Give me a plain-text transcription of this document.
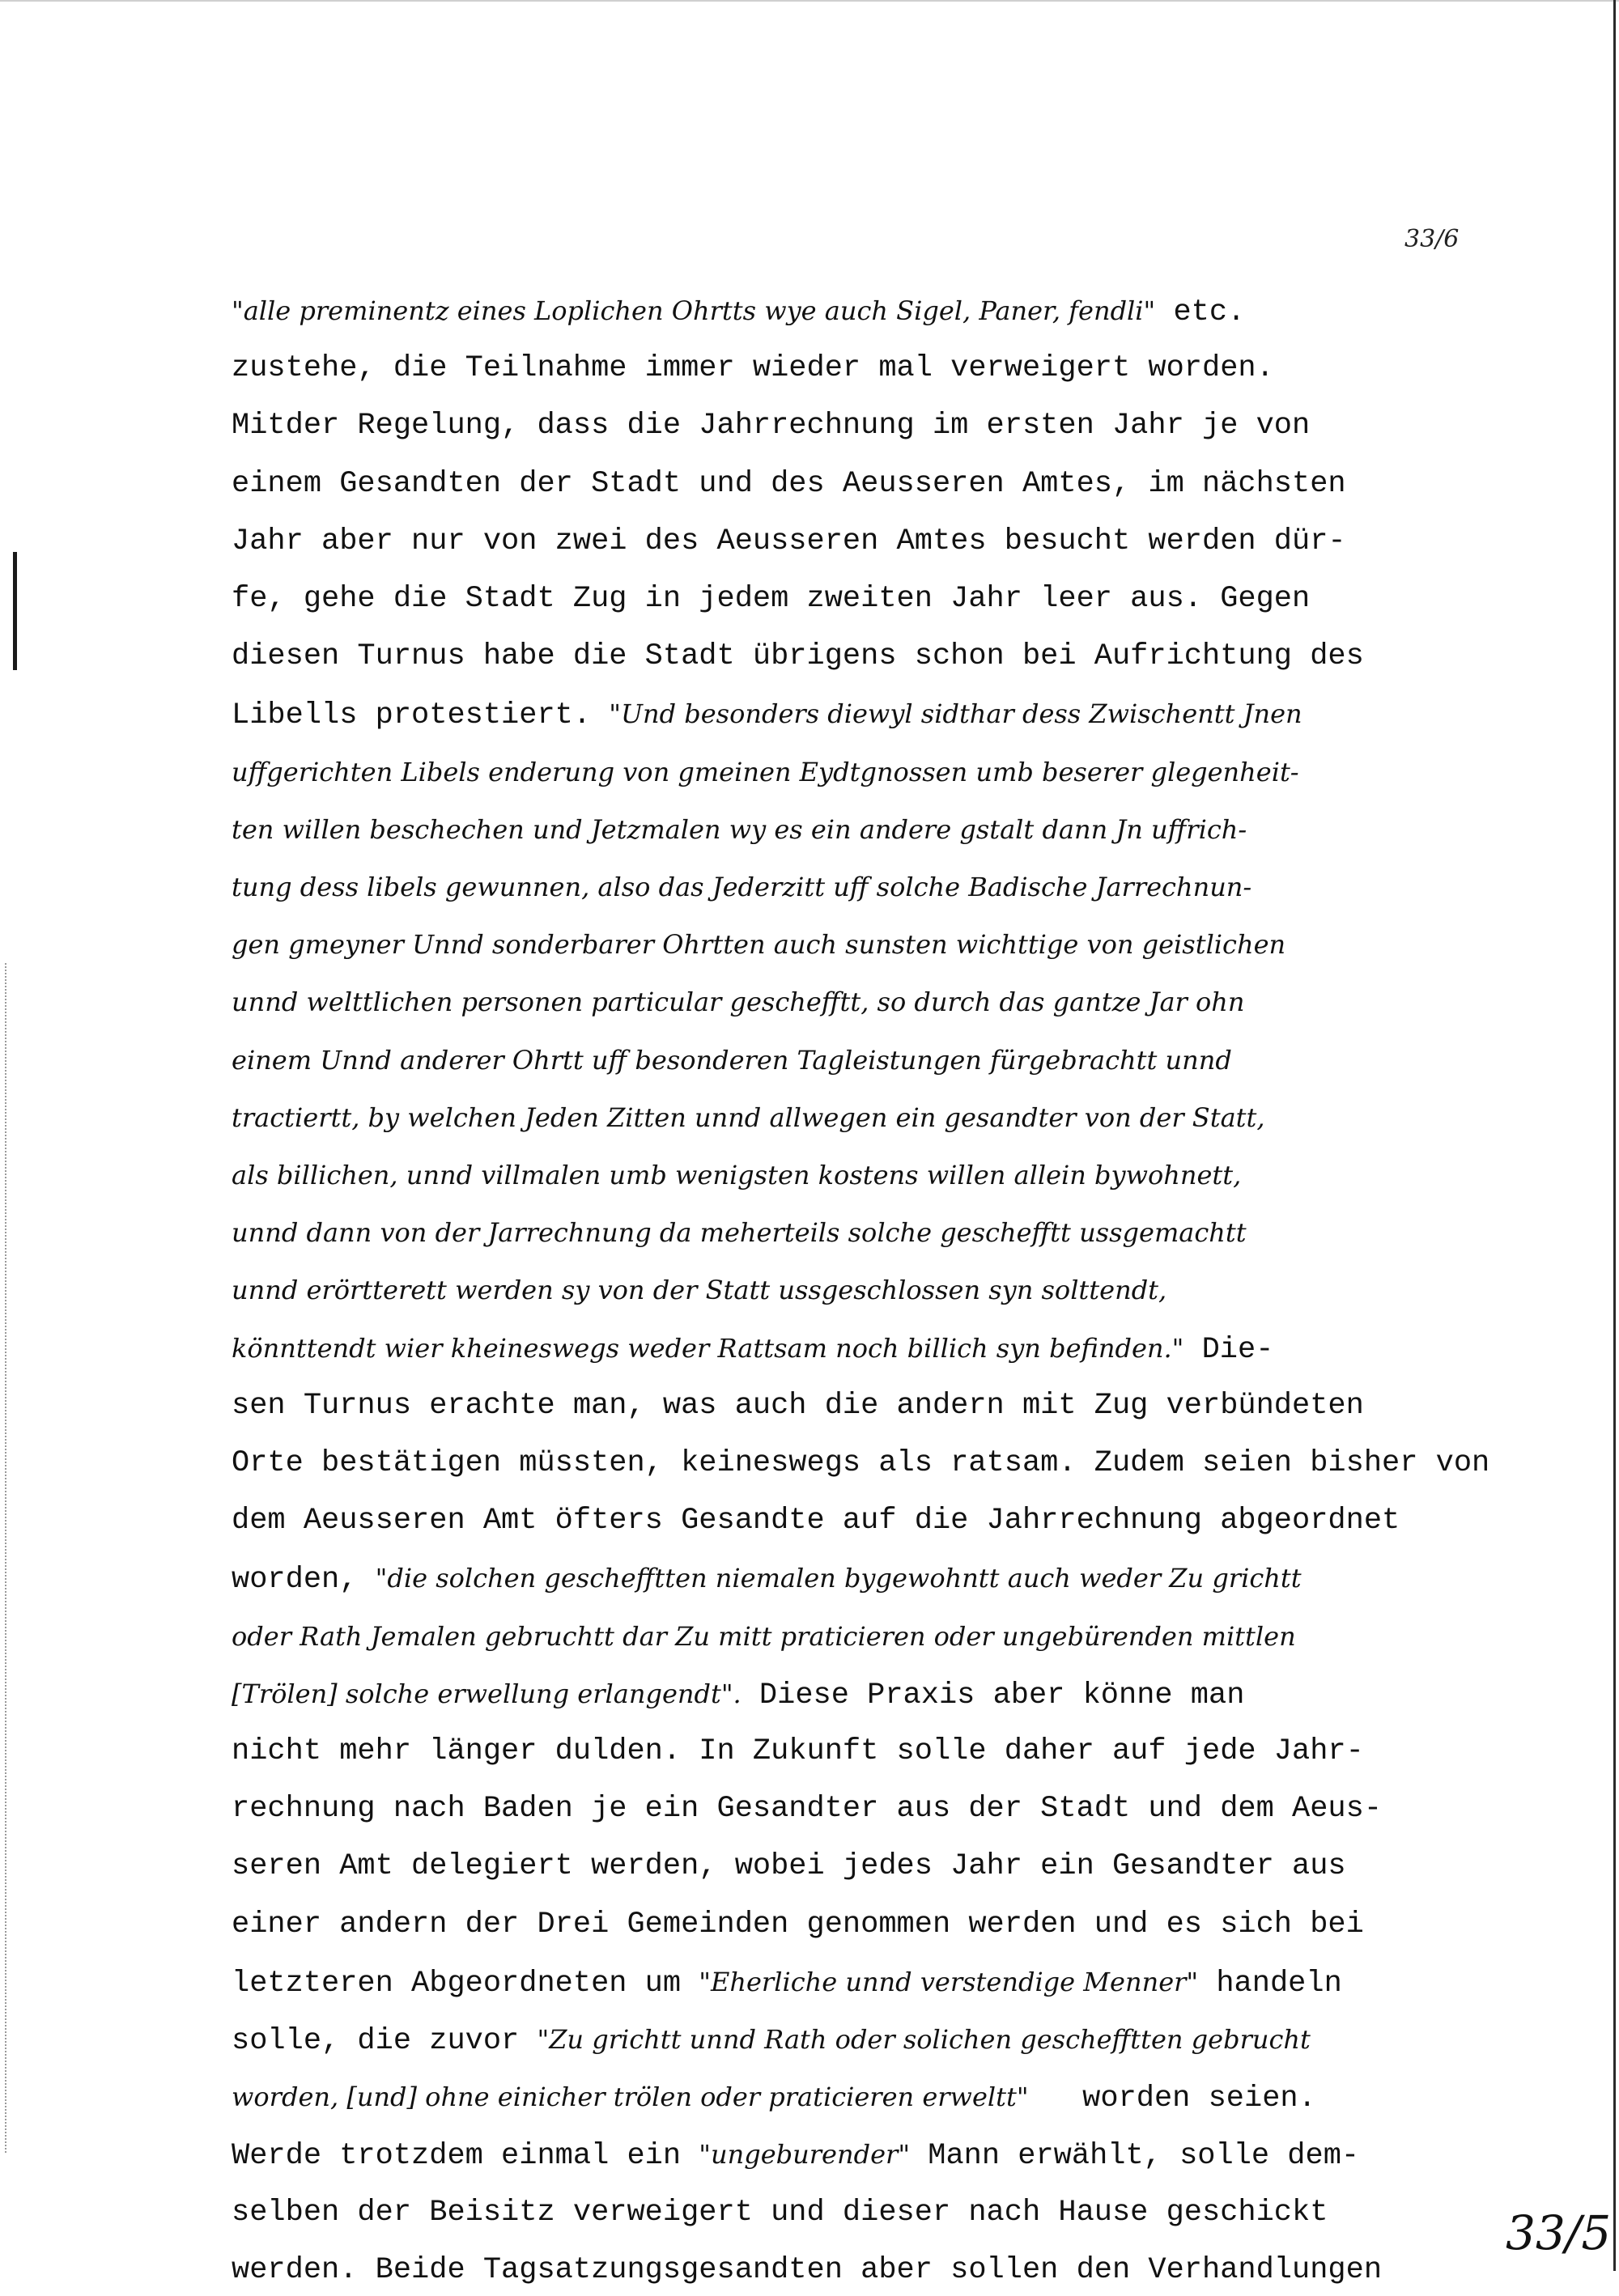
33/6
"alle preminentz eines Loplichen Ohrtts wye auch Sigel, Paner, fendli" etc.
zustehe, die Teilnahme immer wieder mal verweigert worden.
Mitder Regelung, dass die Jahrrechnung im ersten Jahr je von
einem Gesandten der Stadt und des Aeusseren Amtes, im nächsten
Jahr aber nur von zwei des Aeusseren Amtes besucht werden dür-
fe, gehe die Stadt Zug in jedem zweiten Jahr leer aus. Gegen
diesen Turnus habe die Stadt übrigens schon bei Aufrichtung des
Libells protestiert. "Und besonders diewyl sidthar dess Zwischentt Jnen
uffgerichten Libels enderung von gmeinen Eydtgnossen umb beserer glegenheit-
ten willen beschechen und Jetzmalen wy es ein andere gstalt dann Jn uffrich-
tung dess libels gewunnen, also das Jederzitt uff solche Badische Jarrechnun-
gen gmeyner Unnd sonderbarer Ohrtten auch sunsten wichttige von geistlichen
unnd welttlichen personen particular geschefftt, so durch das gantze Jar ohn
einem Unnd anderer Ohrtt uff besonderen Tagleistungen fürgebrachtt unnd
tractiertt, by welchen Jeden Zitten unnd allwegen ein gesandter von der Statt,
als billichen, unnd villmalen umb wenigsten kostens willen allein bywohnett,
unnd dann von der Jarrechnung da meherteils solche geschefftt ussgemachtt
unnd erörtterett werden sy von der Statt ussgeschlossen syn solttendt,
könnttendt wier kheineswegs weder Rattsam noch billich syn befinden." Die-
sen Turnus erachte man, was auch die andern mit Zug verbündeten
Orte bestätigen müssten, keineswegs als ratsam. Zudem seien bisher von
dem Aeusseren Amt öfters Gesandte auf die Jahrrechnung abgeordnet
worden, "die solchen geschefftten niemalen bygewohntt auch weder Zu grichtt
oder Rath Jemalen gebruchtt dar Zu mitt praticieren oder ungebürenden mittlen
[Trölen] solche erwellung erlangendt". Diese Praxis aber könne man
nicht mehr länger dulden. In Zukunft solle daher auf jede Jahr-
rechnung nach Baden je ein Gesandter aus der Stadt und dem Aeus-
seren Amt delegiert werden, wobei jedes Jahr ein Gesandter aus
einer andern der Drei Gemeinden genommen werden und es sich bei
letzteren Abgeordneten um "Eherliche unnd verstendige Menner" handeln
solle, die zuvor "Zu grichtt unnd Rath oder solichen geschefftten gebrucht
worden, [und] ohne einicher trölen oder praticieren erweltt"   worden seien.
Werde trotzdem einmal ein "ungeburender" Mann erwählt, solle dem-
selben der Beisitz verweigert und dieser nach Hause geschickt
werden. Beide Tagsatzungsgesandten aber sollen den Verhandlungen
33/5
